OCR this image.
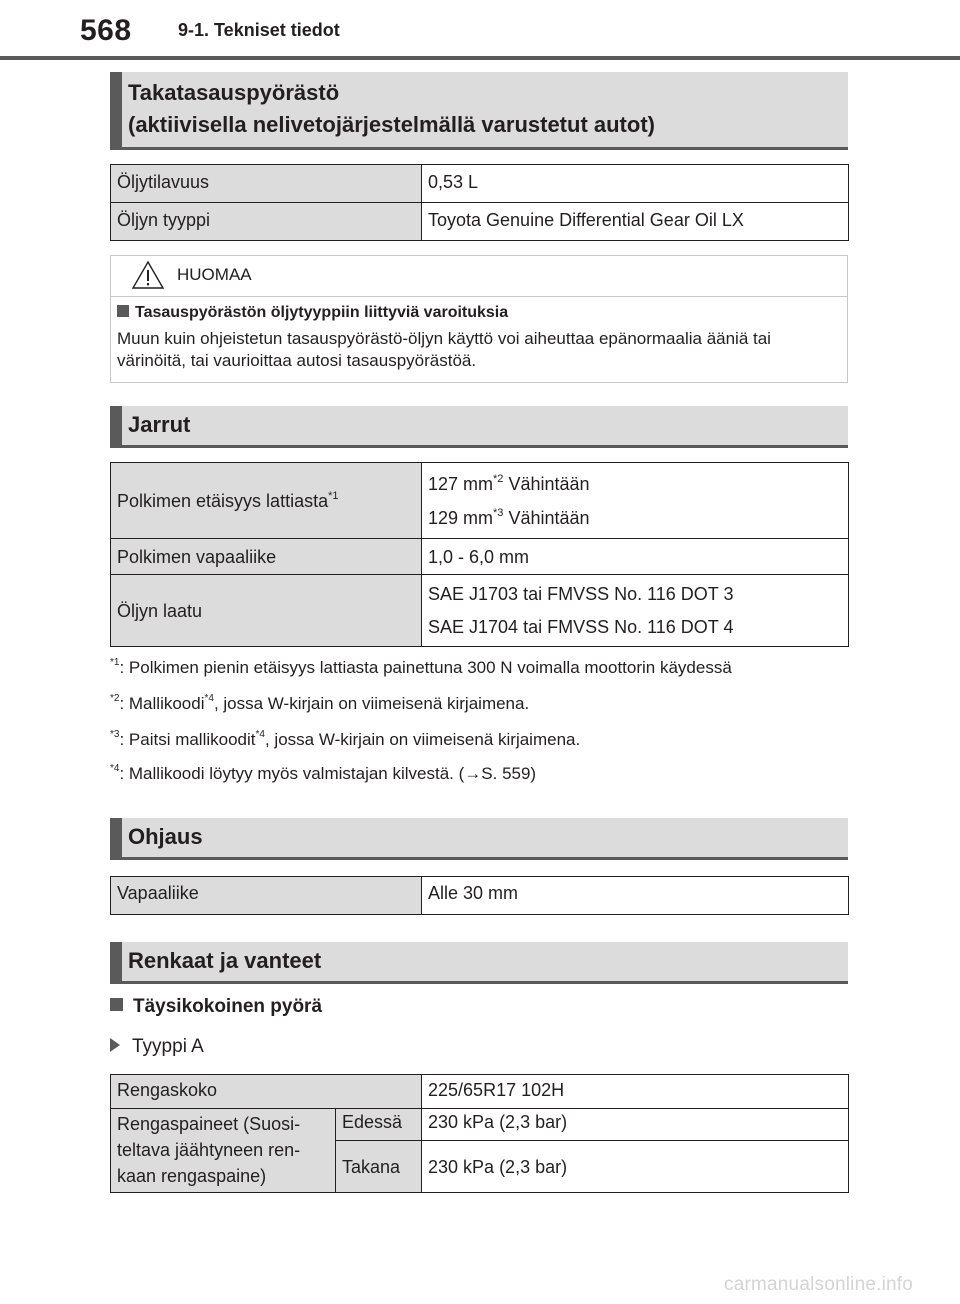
568	9-1. Tekniset tiedot
Takatasauspyörästö
(aktiivisella nelivetojärjestelmällä varustetut autot)
Öljytilavuus	0,53 L
Öljyn tyyppi	Toyota Genuine Differential Gear Oil LX
HUOMAA
Tasauspyörästön öljytyyppiin liittyviä varoituksia
Muun kuin ohjeistetun tasauspyörästö-öljyn käyttö voi aiheuttaa epänormaalia ääniä tai värinöitä, tai vaurioittaa autosi tasauspyörästöä.
Jarrut
Polkimen etäisyys lattiasta$^{*1}$	127 $mm^{*2}$ Vähintään
129 $mm^{*3}$ Vähintään

Polkimen vapaaliike	1,0 - 6,0 mm
Öljyn laatu	SAE J1703 tai FMVSS No. 116 DOT 3
SAE J1704 tai FMVSS No. 116 DOT 4
$^{*1}$: Polkimen pienin etäisyys lattiasta painettuna 300 N voimalla moottorin käydessä
$^{*2}$: Mallikoodi$^{*4}$, jossa W-kirjain on viimeisenä kirjaimena.
$^{*3}$: Paitsi mallikoodit$^{*4}$, jossa W-kirjain on viimeisenä kirjaimena.
$^{*4}$: Mallikoodi löytyy myös valmistajan kilvestä. (→S. 559)
Ohjaus
Vapaaliike	Alle 30 mm
Renkaat ja vanteet
Täysikokoinen pyörä
Tyyppi A
Rengaskoko		225/65R17 102H

Rengaspaineet (Suosi-
teltava jäähtyneen ren-
kaan rengaspaine)	Edessä	230 kPa (2,3 bar)
	Takana	230 kPa (2,3 bar)
carmanualsonline.info
